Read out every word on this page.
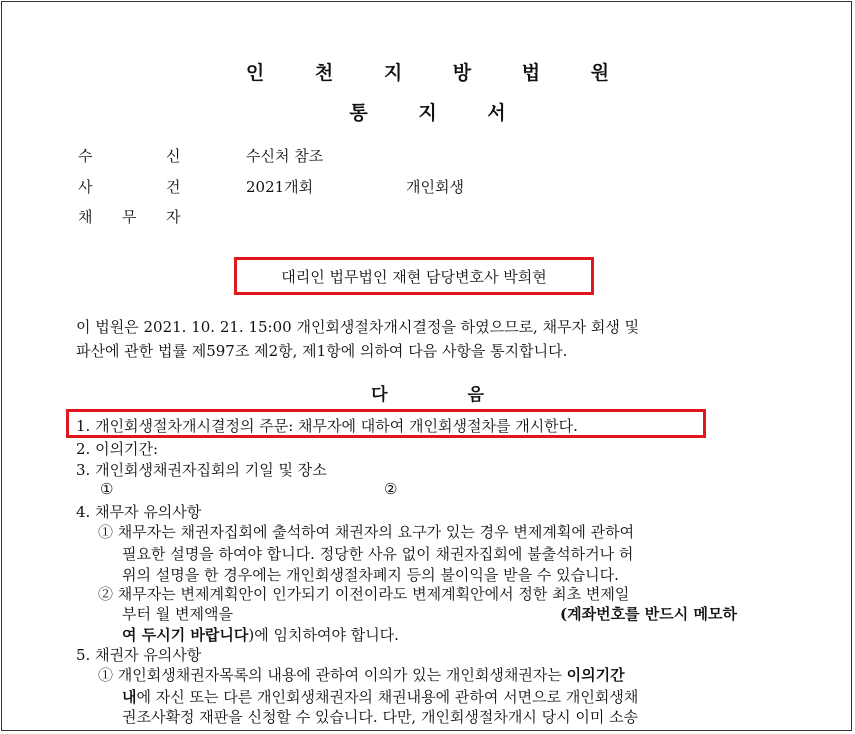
인 천 지 방 법 원
통 지 서
수	신	수신처 참조
사	건	2021개회	개인회생
채 무 자
대리인 법무법인 재현 담당변호사 박희현
이 법원은 2021. 10. 21. 15:00 개인회생절차개시결정을 하였으므로, 채무자 회생 및
파산에 관한 법률 제597조 제2항, 제1항에 의하여 다음 사항을 통지합니다.
다	음
1. 개인회생절차개시결정의 주문: 채무자에 대하여 개인회생절차를 개시한다.
2. 이의기간:
3. 개인회생채권자집회의 기일 및 장소
①	②
4. 채무자 유의사항
① 채무자는 채권자집회에 출석하여 채권자의 요구가 있는 경우 변제계획에 관하여
필요한 설명을 하여야 합니다. 정당한 사유 없이 채권자집회에 불출석하거나 허
위의 설명을 한 경우에는 개인회생절차폐지 등의 불이익을 받을 수 있습니다.
② 채무자는 변제계획안이 인가되기 이전이라도 변제계획안에서 정한 최초 변제일
부터 월 변제액을	(계좌번호를 반드시 메모하
여 두시기 바랍니다)에 임치하여야 합니다.
5. 채권자 유의사항
① 개인회생채권자목록의 내용에 관하여 이의가 있는 개인회생채권자는 이의기간
내에 자신 또는 다른 개인회생채권자의 채권내용에 관하여 서면으로 개인회생채
권조사확정 재판을 신청할 수 있습니다. 다만, 개인회생절차개시 당시 이미 소송
